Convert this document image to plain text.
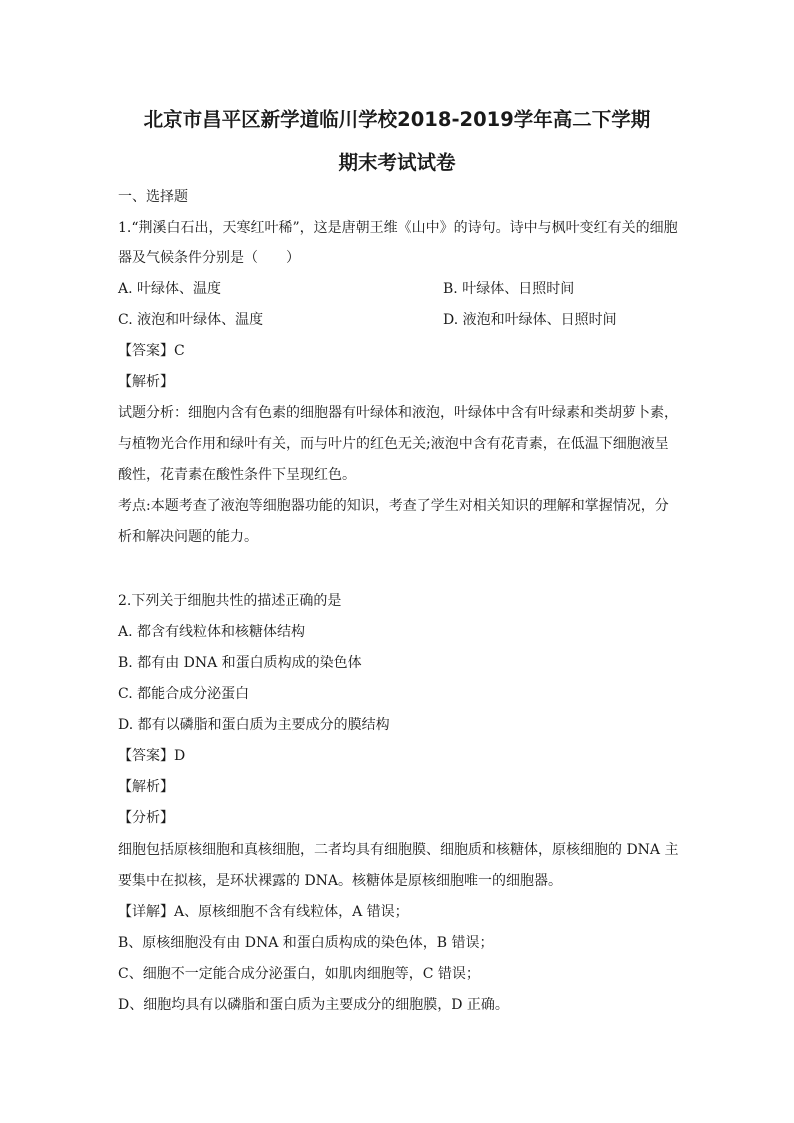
北京市昌平区新学道临川学校2018-2019学年高二下学期
期末考试试卷
一、选择题
1.“荆溪白石出，天寒红叶稀”，这是唐朝王维《山中》的诗句。诗中与枫叶变红有关的细胞
器及气候条件分别是（　　）
A. 叶绿体、温度	B. 叶绿体、日照时间
C. 液泡和叶绿体、温度	D. 液泡和叶绿体、日照时间
【答案】C
【解析】
试题分析：细胞内含有色素的细胞器有叶绿体和液泡，叶绿体中含有叶绿素和类胡萝卜素，
与植物光合作用和绿叶有关，而与叶片的红色无关;液泡中含有花青素，在低温下细胞液呈
酸性，花青素在酸性条件下呈现红色。
考点:本题考查了液泡等细胞器功能的知识，考查了学生对相关知识的理解和掌握情况，分
析和解决问题的能力。
2.下列关于细胞共性的描述正确的是
A. 都含有线粒体和核糖体结构
B. 都有由 DNA 和蛋白质构成的染色体
C. 都能合成分泌蛋白
D. 都有以磷脂和蛋白质为主要成分的膜结构
【答案】D
【解析】
【分析】
细胞包括原核细胞和真核细胞，二者均具有细胞膜、细胞质和核糖体，原核细胞的 DNA 主
要集中在拟核，是环状裸露的 DNA。核糖体是原核细胞唯一的细胞器。
【详解】A、原核细胞不含有线粒体，A 错误；
B、原核细胞没有由 DNA 和蛋白质构成的染色体，B 错误；
C、细胞不一定能合成分泌蛋白，如肌肉细胞等，C 错误；
D、细胞均具有以磷脂和蛋白质为主要成分的细胞膜，D 正确。
